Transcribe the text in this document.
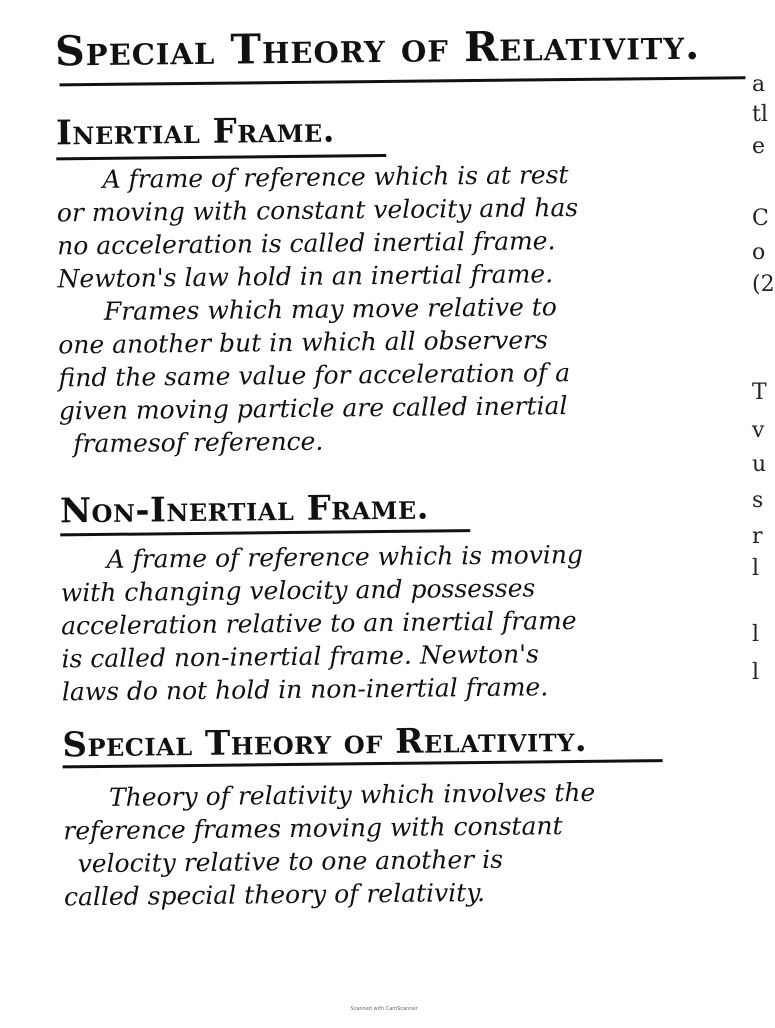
Special Theory of Relativity.
Inertial Frame.
A frame of reference which is at rest
or moving with constant velocity and has
no acceleration is called inertial frame.
Newton's law hold in an inertial frame.
Frames which may move relative to
one another but in which all observers
find the same value for acceleration of a
given moving particle are called inertial
framesof reference.
Non-Inertial Frame.
A frame of reference which is moving
with changing velocity and possesses
acceleration relative to an inertial frame
is called non-inertial frame. Newton's
laws do not hold in non-inertial frame.
Special Theory of Relativity.
Theory of relativity which involves the
reference frames moving with constant
velocity relative to one another is
called special theory of relativity.
a
tl
e
C
o
(2
T
v
u
s
r
l
l
l
Scanned with CamScanner
